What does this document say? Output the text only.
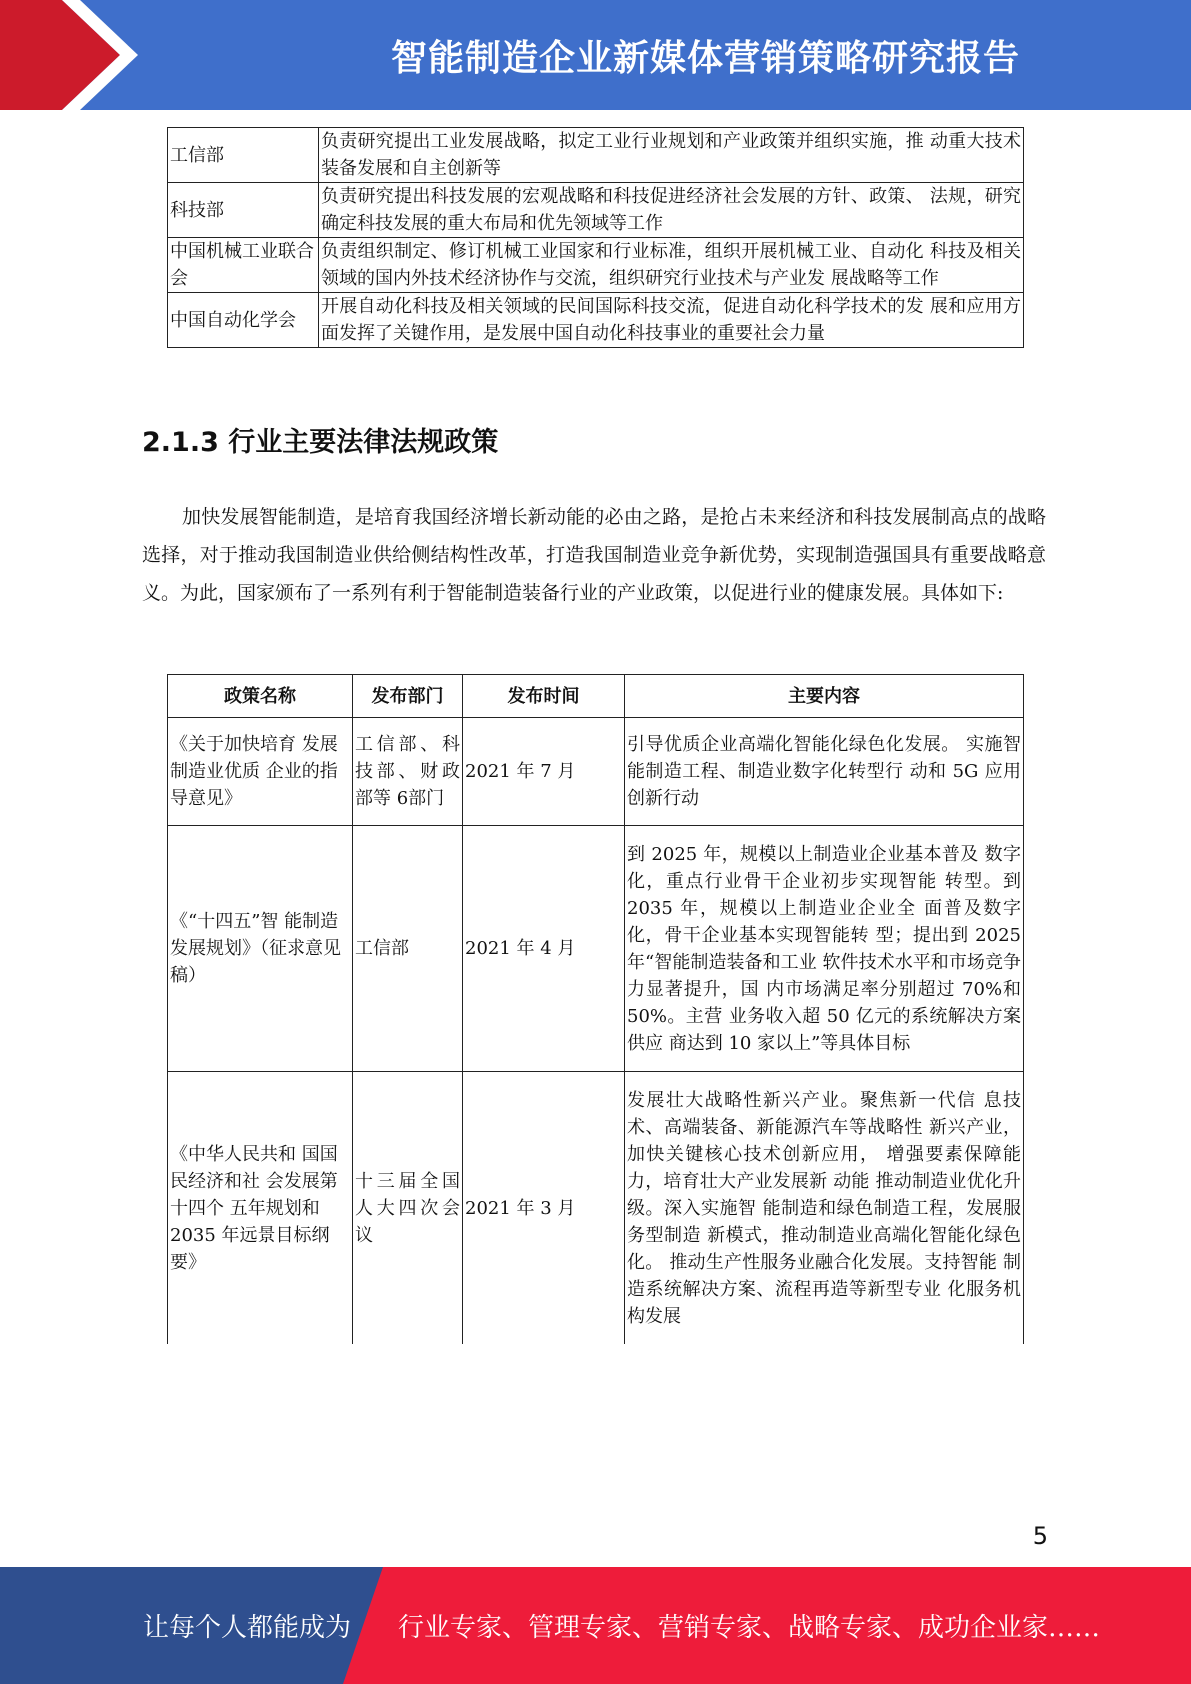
智能制造企业新媒体营销策略研究报告
工信部	负责研究提出工业发展战略，拟定工业行业规划和产业政策并组织实施，推 动重大技术装备发展和自主创新等
科技部	负责研究提出科技发展的宏观战略和科技促进经济社会发展的方针、政策、 法规，研究确定科技发展的重大布局和优先领域等工作
中国机械工业联合会	负责组织制定、修订机械工业国家和行业标准，组织开展机械工业、自动化 科技及相关领域的国内外技术经济协作与交流，组织研究行业技术与产业发 展战略等工作
中国自动化学会	开展自动化科技及相关领域的民间国际科技交流，促进自动化科学技术的发 展和应用方面发挥了关键作用，是发展中国自动化科技事业的重要社会力量
2.1.3 行业主要法律法规政策

加快发展智能制造，是培育我国经济增长新动能的必由之路，是抢占未来经济和科技发展制高点的战略选择，对于推动我国制造业供给侧结构性改革，打造我国制造业竞争新优势，实现制造强国具有重要战略意义。为此，国家颁布了一系列有利于智能制造装备行业的产业政策，以促进行业的健康发展。具体如下:

政策名称	发布部门	发布时间	主要内容
《关于加快培育 发展制造业优质 企业的指导意见》	工信部、科技部、财政部等 6部门	2021 年 7 月	引导优质企业高端化智能化绿色化发展。 实施智能制造工程、制造业数字化转型行 动和 5G 应用创新行动
《“十四五”智 能制造发展规划》（征求意见稿）	工信部	2021 年 4 月	到 2025 年，规模以上制造业企业基本普及 数字化，重点行业骨干企业初步实现智能 转型。到 2035 年，规模以上制造业企业全 面普及数字化，骨干企业基本实现智能转 型；提出到 2025 年“智能制造装备和工业 软件技术水平和市场竞争力显著提升，国 内市场满足率分别超过 70%和 50%。主营 业务收入超 50 亿元的系统解决方案供应 商达到 10 家以上”等具体目标
《中华人民共和 国国民经济和社 会发展第十四个 五年规划和 2035 年远景目标纲要》	十三届全国人大四次会议	2021 年 3 月	发展壮大战略性新兴产业。聚焦新一代信 息技术、高端装备、新能源汽车等战略性 新兴产业，加快关键核心技术创新应用， 增强要素保障能力，培育壮大产业发展新 动能 推动制造业优化升级。深入实施智 能制造和绿色制造工程，发展服务型制造 新模式，推动制造业高端化智能化绿色化。 推动生产性服务业融合化发展。支持智能 制造系统解决方案、流程再造等新型专业 化服务机构发展
5
让每个人都能成为 行业专家、管理专家、营销专家、战略专家、成功企业家……
